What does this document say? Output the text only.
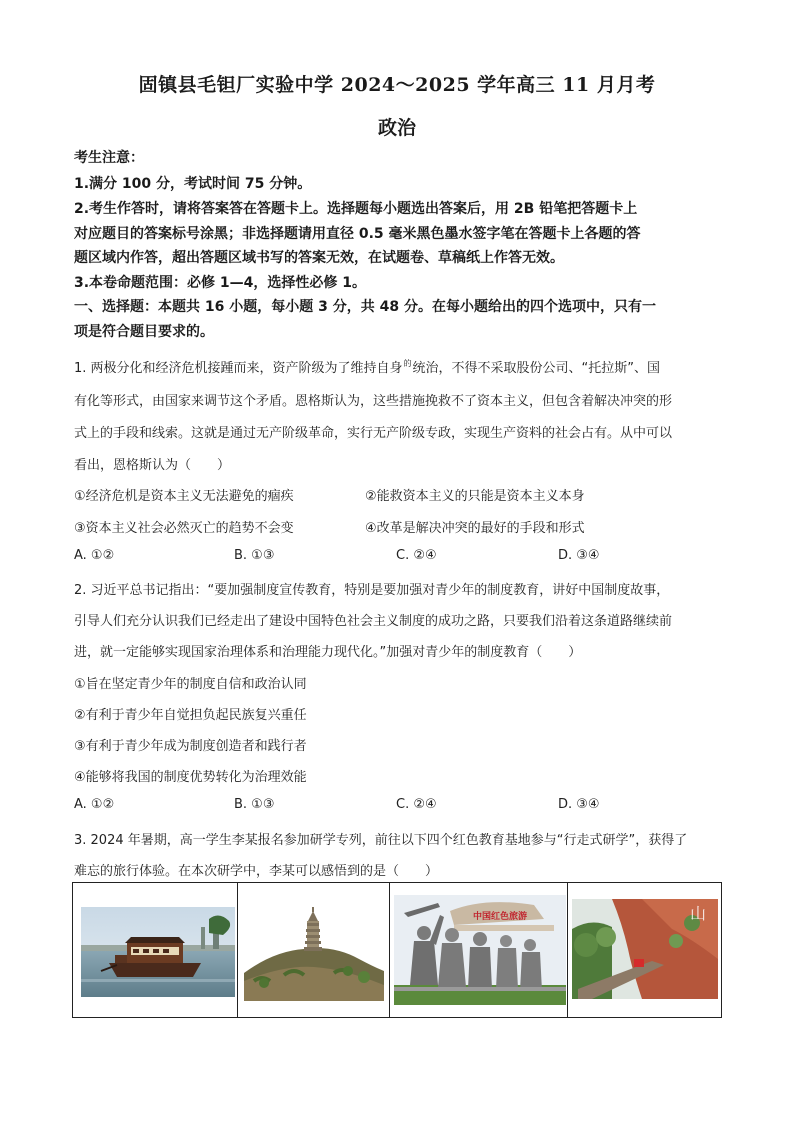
固镇县毛钽厂实验中学 2024～2025 学年高三 11 月月考
政治
考生注意：
1.满分 100 分，考试时间 75 分钟。
2.考生作答时，请将答案答在答题卡上。选择题每小题选出答案后，用 2B 铅笔把答题卡上
对应题目的答案标号涂黑；非选择题请用直径 0.5 毫米黑色墨水签字笔在答题卡上各题的答
题区域内作答，超出答题区域书写的答案无效，在试题卷、草稿纸上作答无效。
3.本卷命题范围：必修 1—4，选择性必修 1。
一、选择题：本题共 16 小题，每小题 3 分，共 48 分。在每小题给出的四个选项中，只有一
项是符合题目要求的。
1. 两极分化和经济危机接踵而来，资产阶级为了维持自身$^的$统治，不得不采取股份公司、“托拉斯”、国
有化等形式，由国家来调节这个矛盾。恩格斯认为，这些措施挽救不了资本主义，但包含着解决冲突的形
式上的手段和线索。这就是通过无产阶级革命，实行无产阶级专政，实现生产资料的社会占有。从中可以
看出，恩格斯认为（　　）
①经济危机是资本主义无法避免的痼疾	②能救资本主义的只能是资本主义本身
③资本主义社会必然灭亡的趋势不会变	④改革是解决冲突的最好的手段和形式
A. ①②	B. ①③	C. ②④	D. ③④
2. 习近平总书记指出：“要加强制度宣传教育，特别是要加强对青少年的制度教育，讲好中国制度故事，
引导人们充分认识我们已经走出了建设中国特色社会主义制度的成功之路，只要我们沿着这条道路继续前
进，就一定能够实现国家治理体系和治理能力现代化。”加强对青少年的制度教育（　　）
①旨在坚定青少年的制度自信和政治认同
②有利于青少年自觉担负起民族复兴重任
③有利于青少年成为制度创造者和践行者
④能够将我国的制度优势转化为治理效能
A. ①②	B. ①③	C. ②④	D. ③④
3. 2024 年暑期，高一学生李某报名参加研学专列，前往以下四个红色教育基地参与“行走式研学”，获得了
难忘的旅行体验。在本次研学中，李某可以感悟到的是（　　）
中国红色旅游	山
